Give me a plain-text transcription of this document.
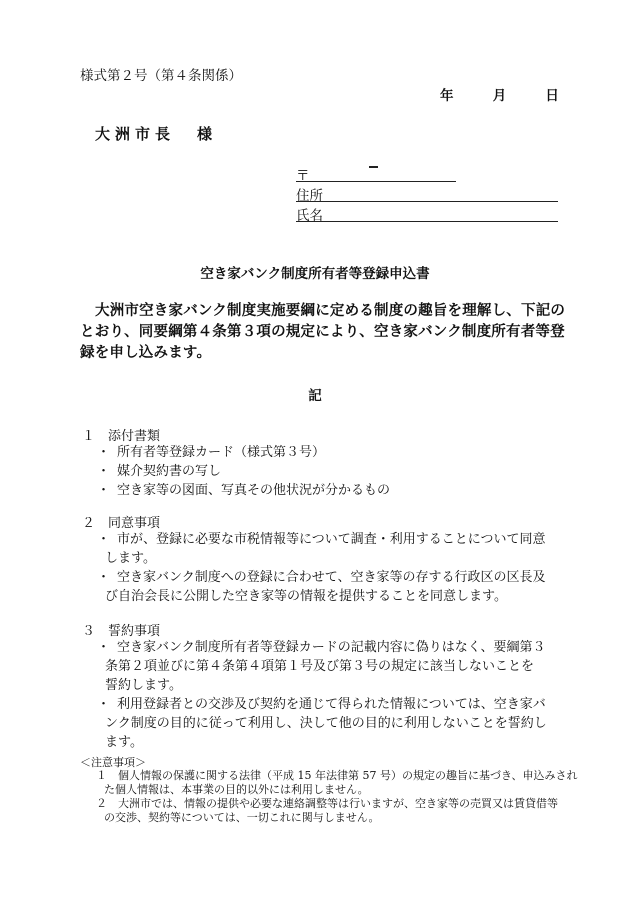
様式第２号（第４条関係）
年	月	日
大洲市長 様
〒
住所
氏名
空き家バンク制度所有者等登録申込書
大洲市空き家バンク制度実施要綱に定める制度の趣旨を理解し、下記の
とおり、同要綱第４条第３項の規定により、空き家バンク制度所有者等登
録を申し込みます。
記
１ 添付書類
・ 所有者等登録カード（様式第３号）
・ 媒介契約書の写し
・ 空き家等の図面、写真その他状況が分かるもの
２ 同意事項
・ 市が、登録に必要な市税情報等について調査・利用することについて同意
します。
・ 空き家バンク制度への登録に合わせて、空き家等の存する行政区の区長及
び自治会長に公開した空き家等の情報を提供することを同意します。
３ 誓約事項
・ 空き家バンク制度所有者等登録カードの記載内容に偽りはなく、要綱第３
条第２項並びに第４条第４項第１号及び第３号の規定に該当しないことを
誓約します。
・ 利用登録者との交渉及び契約を通じて得られた情報については、空き家バ
ンク制度の目的に従って利用し、決して他の目的に利用しないことを誓約し
ます。
＜注意事項＞
１　個人情報の保護に関する法律（平成 15 年法律第 57 号）の規定の趣旨に基づき、申込みされ
た個人情報は、本事業の目的以外には利用しません。
２　大洲市では、情報の提供や必要な連絡調整等は行いますが、空き家等の売買又は賃貸借等
の交渉、契約等については、一切これに関与しません。
